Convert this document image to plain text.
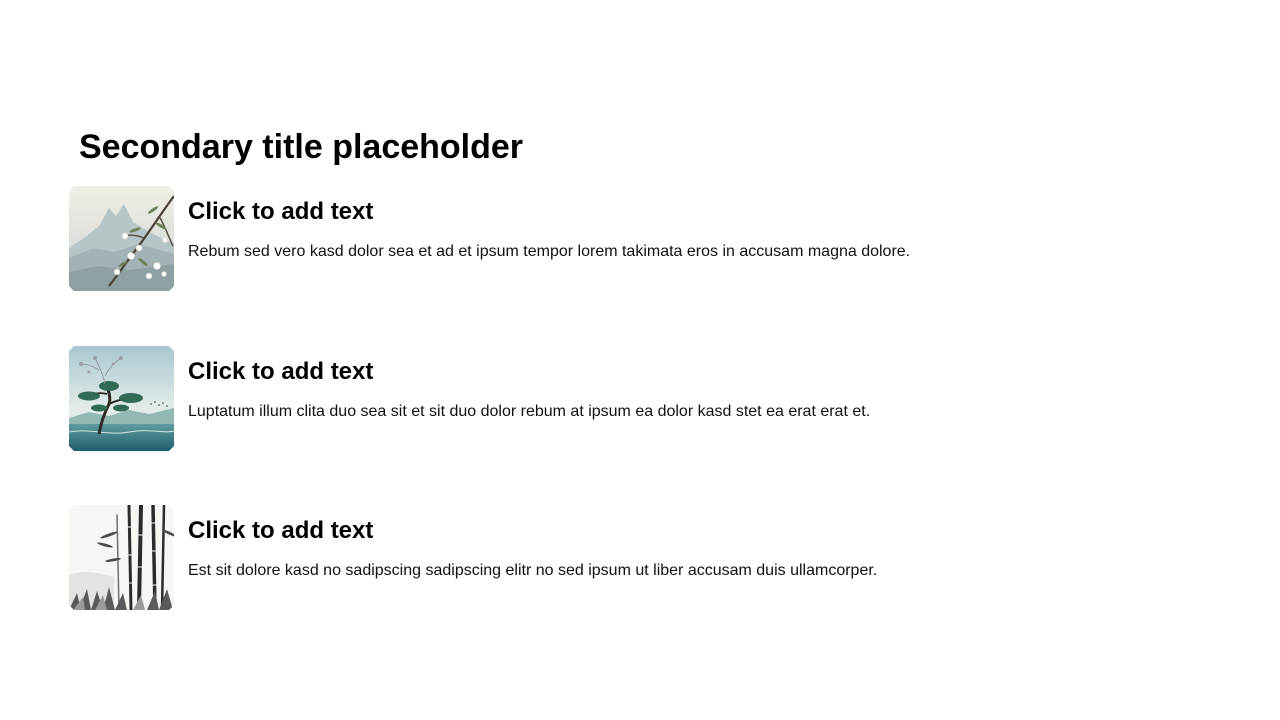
Secondary title placeholder
Click to add text

Rebum sed vero kasd dolor sea et ad et ipsum tempor lorem takimata eros in accusam magna dolore.

Click to add text

Luptatum illum clita duo sea sit et sit duo dolor rebum at ipsum ea dolor kasd stet ea erat erat et.

Click to add text

Est sit dolore kasd no sadipscing sadipscing elitr no sed ipsum ut liber accusam duis ullamcorper.
